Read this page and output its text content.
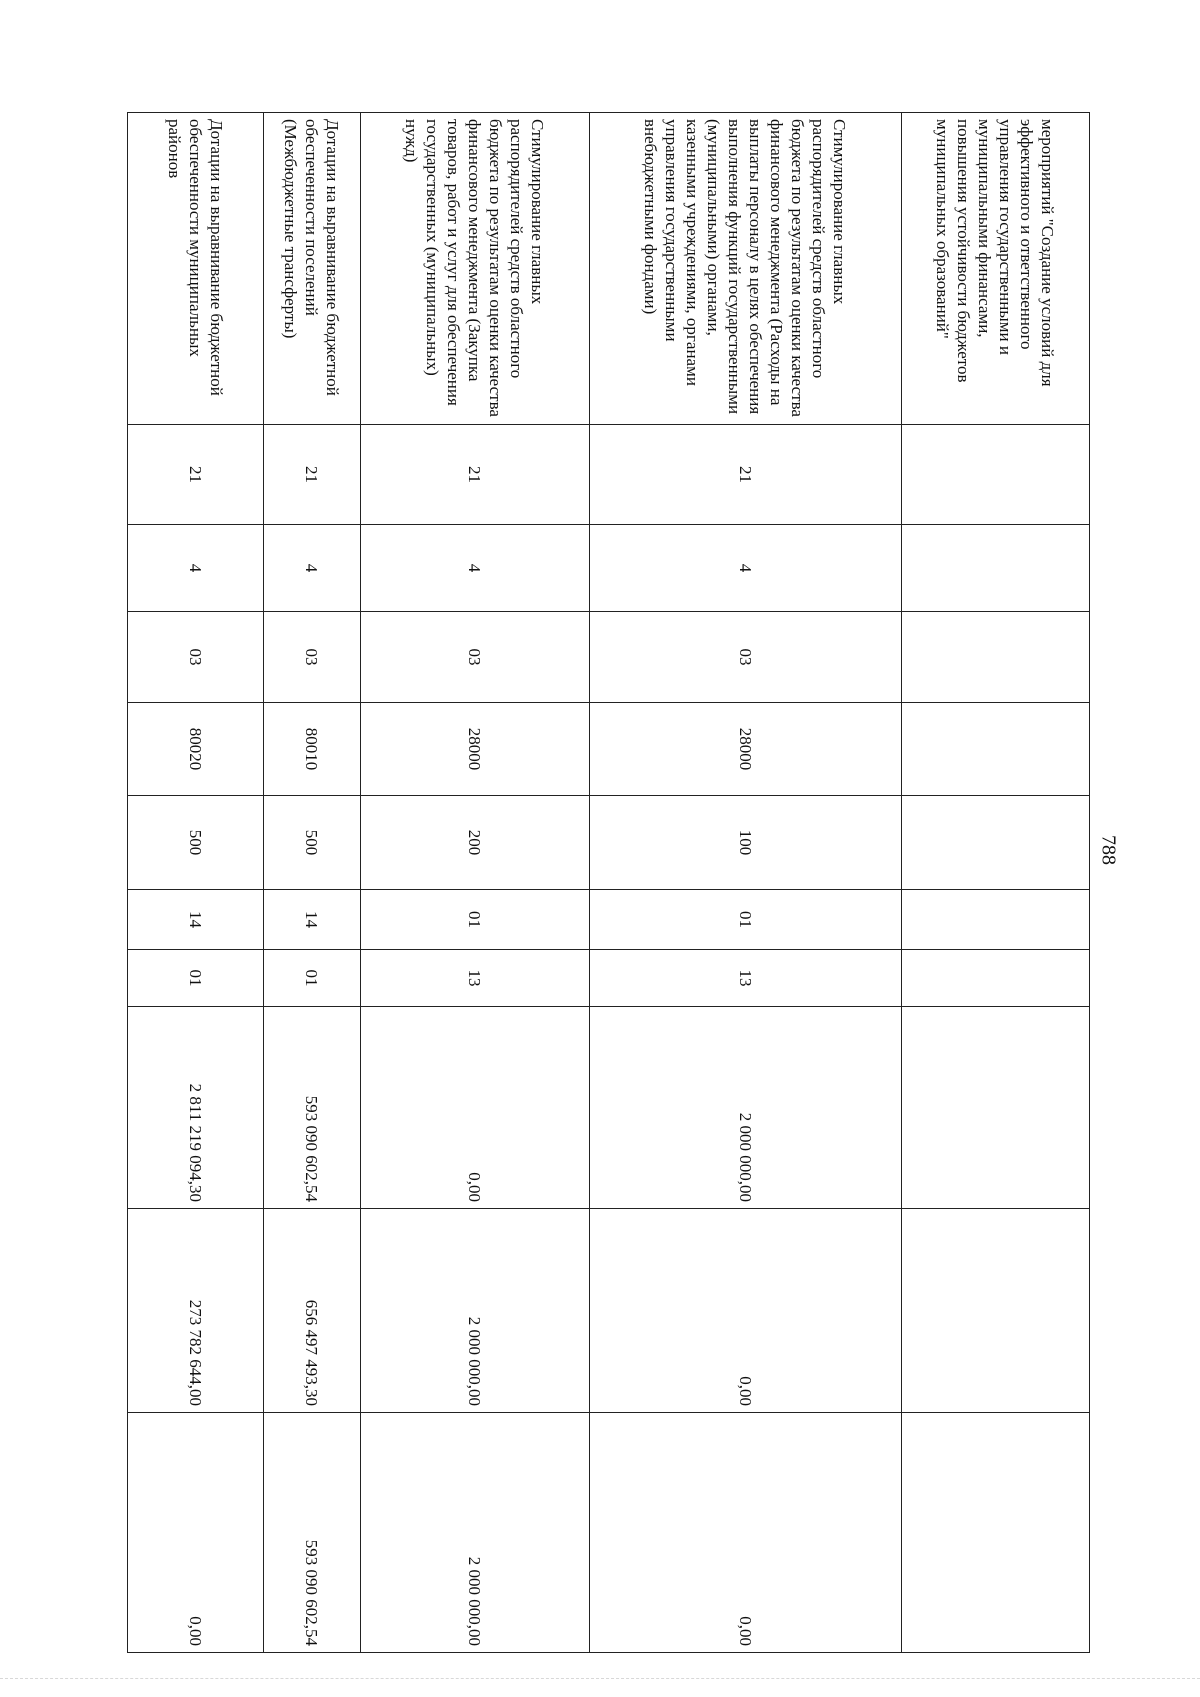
788
мероприятий "Создание условий для эффективного и ответственного управления государственными и муниципальными финансами, повышения устойчивости бюджетов муниципальных образований"										
Стимулирование главных распорядителей средств областного бюджета по результатам оценки качества финансового менеджмента (Расходы на выплаты персоналу в целях обеспечения выполнения функций государственными (муниципальными) органами, казенными учреждениями, органами управления государственными внебюджетными фондами)	21	4	03	28000	100	01	13	2 000 000,00	0,00	0,00
Стимулирование главных распорядителей средств областного бюджета по результатам оценки качества финансового менеджмента (Закупка товаров, работ и услуг для обеспечения государственных (муниципальных) нужд)	21	4	03	28000	200	01	13	0,00	2 000 000,00	2 000 000,00
Дотации на выравнивание бюджетной обеспеченности поселений (Межбюджетные трансферты)	21	4	03	80010	500	14	01	593 090 602,54	656 497 493,30	593 090 602,54
Дотации на выравнивание бюджетной обеспеченности муниципальных районов	21	4	03	80020	500	14	01	2 811 219 094,30	273 782 644,00	0,00
